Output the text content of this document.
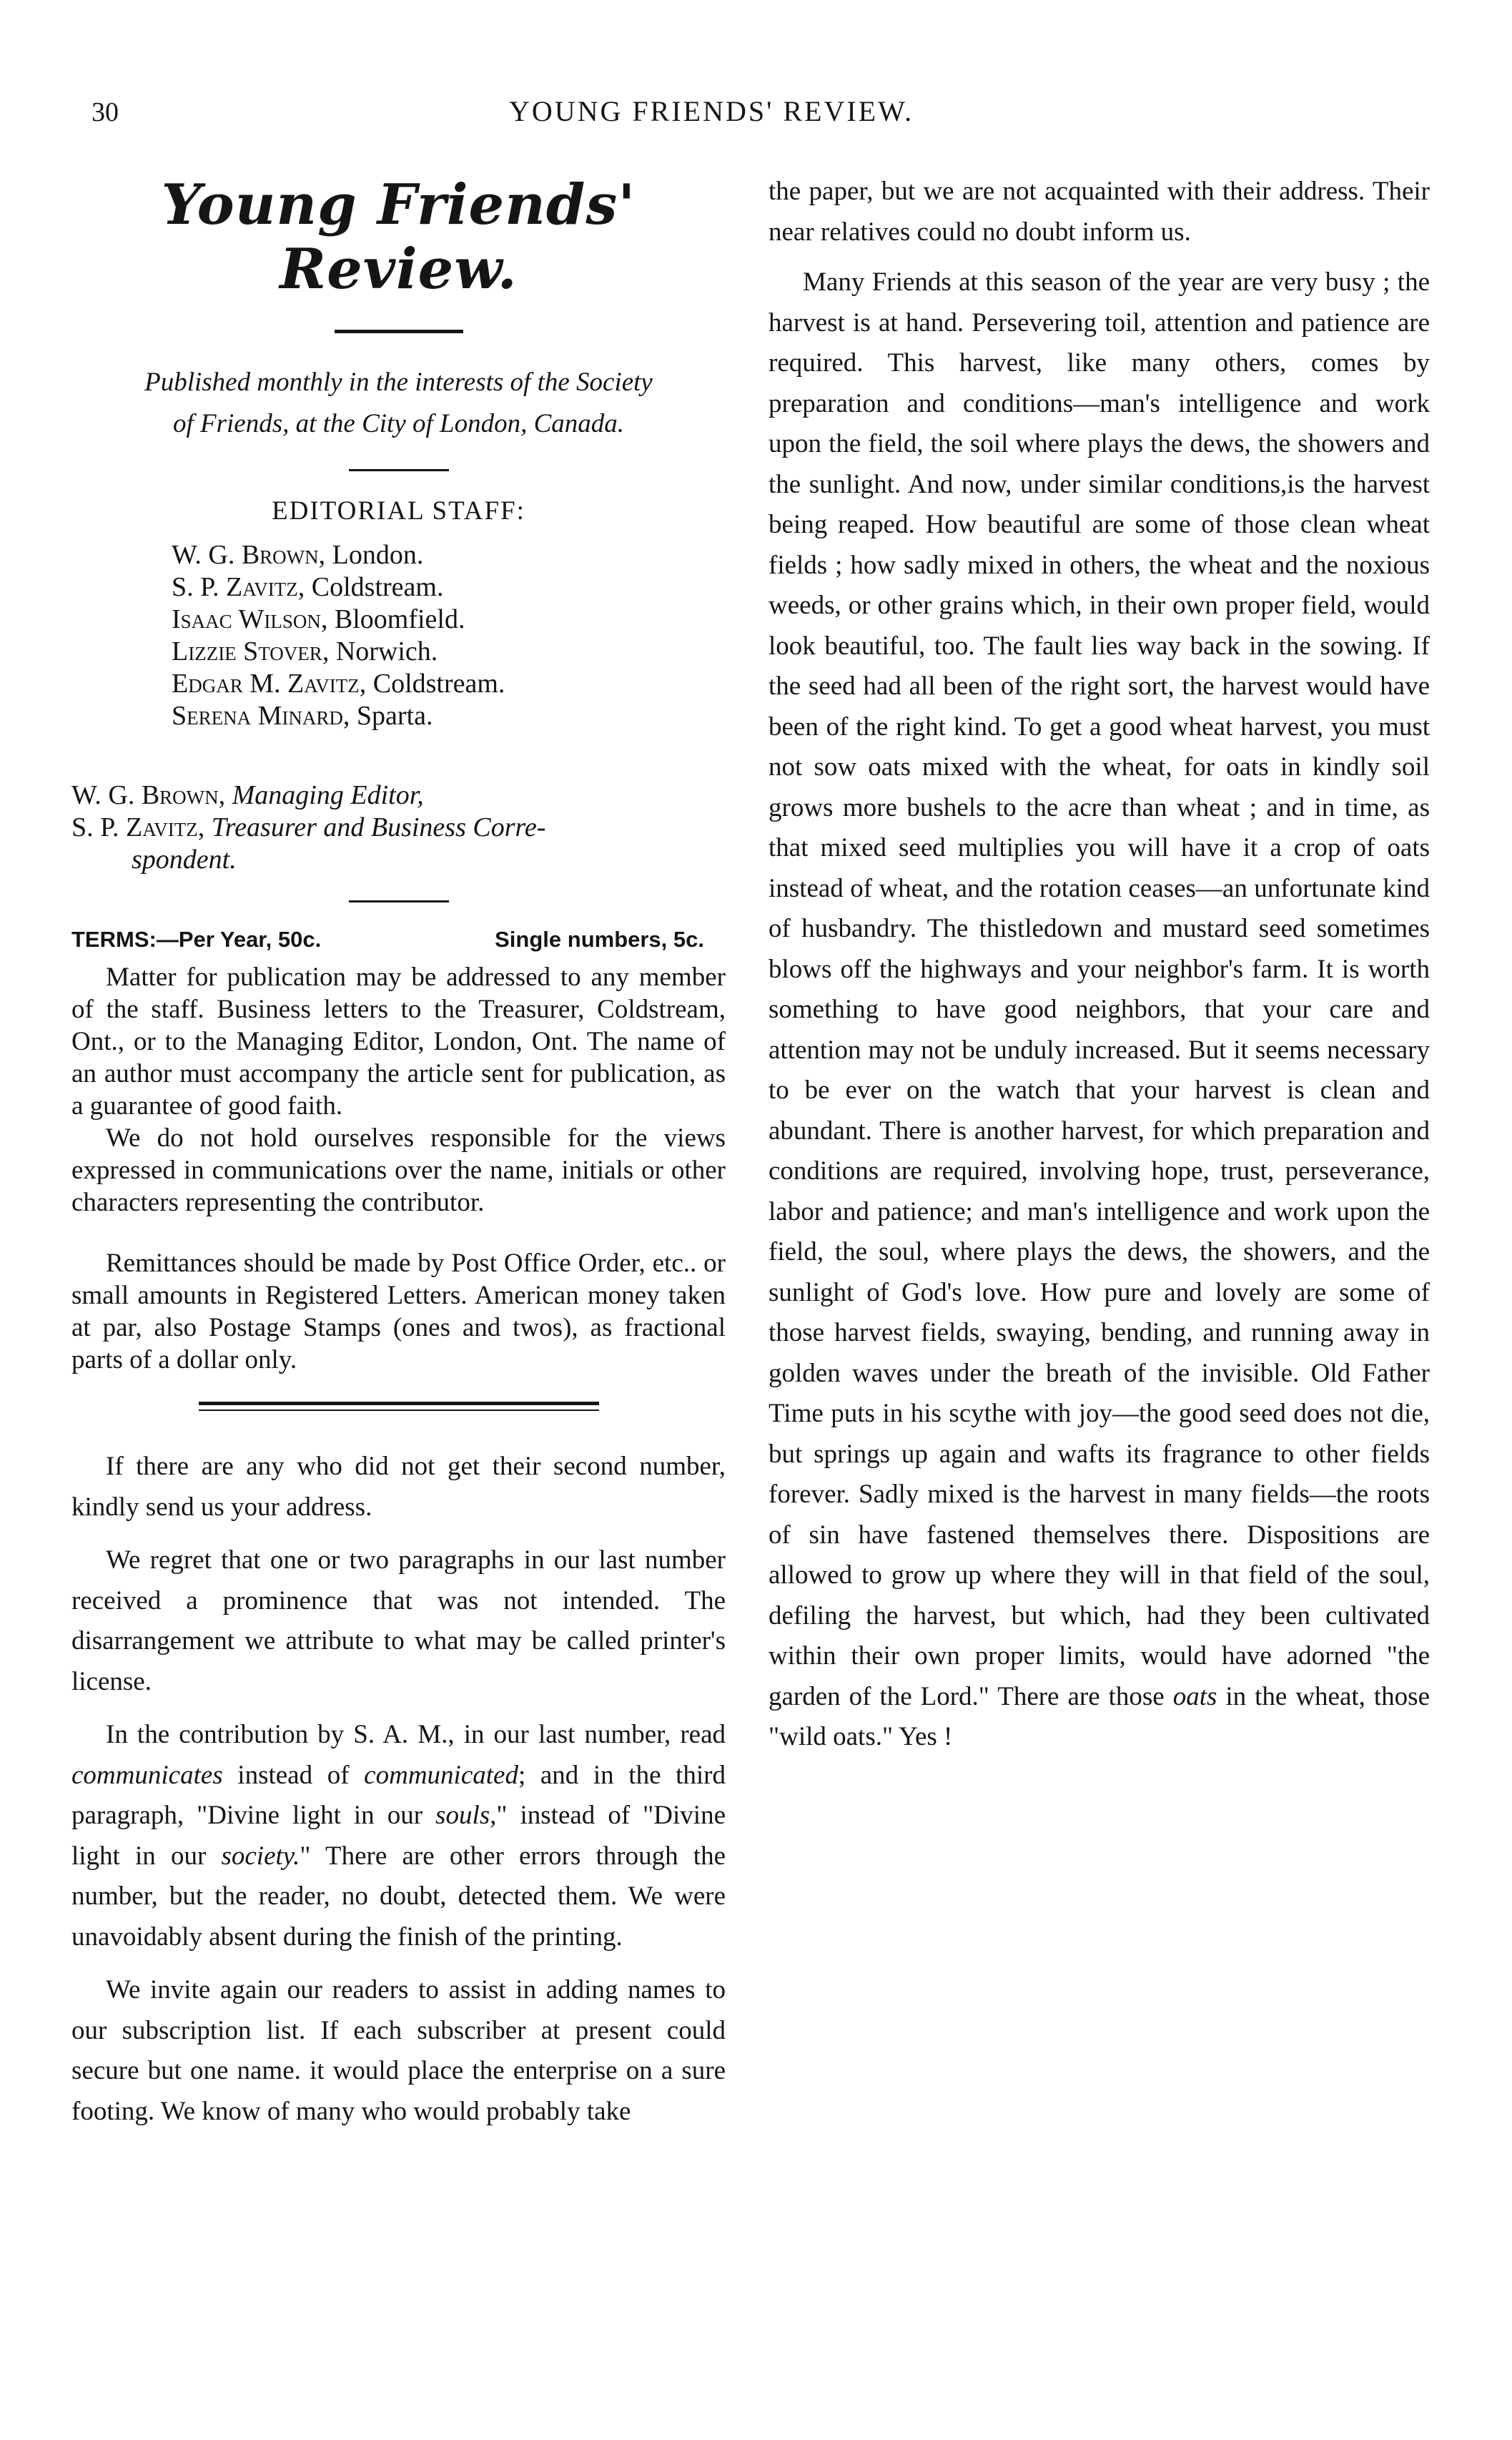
30	YOUNG FRIENDS' REVIEW.

Young Friends' Review.

Published monthly in the interests of the Society

of Friends, at the City of London, Canada.

EDITORIAL STAFF:

W. G. Brown, London.
S. P. Zavitz, Coldstream.
Isaac Wilson, Bloomfield.
Lizzie Stover, Norwich.
Edgar M. Zavitz, Coldstream.
Serena Minard, Sparta.
W. G. Brown, Managing Editor,
S. P. Zavitz, Treasurer and Business Corre-
spondent.

TERMS:—Per Year, 50c.	Single numbers, 5c.

Matter for publication may be addressed to any member of the staff. Business letters to the Treasurer, Coldstream, Ont., or to the Managing Editor, London, Ont. The name of an author must accompany the article sent for publication, as a guarantee of good faith.

We do not hold ourselves responsible for the views expressed in communications over the name, initials or other characters representing the contributor.

Remittances should be made by Post Office Order, etc.. or small amounts in Registered Letters. American money taken at par, also Postage Stamps (ones and twos), as fractional parts of a dollar only.

If there are any who did not get their second number, kindly send us your address.

We regret that one or two paragraphs in our last number received a prominence that was not intended. The disarrangement we attribute to what may be called printer's license.

In the contribution by S. A. M., in our last number, read communicates instead of communicated; and in the third paragraph, "Divine light in our souls," instead of "Divine light in our society." There are other errors through the number, but the reader, no doubt, detected them. We were unavoidably absent during the finish of the printing.

We invite again our readers to assist in adding names to our subscription list. If each subscriber at present could secure but one name. it would place the enterprise on a sure footing. We know of many who would probably take

the paper, but we are not acquainted with their address. Their near relatives could no doubt inform us.

Many Friends at this season of the year are very busy ; the harvest is at hand. Persevering toil, attention and patience are required. This harvest, like many others, comes by preparation and conditions—man's intelligence and work upon the field, the soil where plays the dews, the showers and the sunlight. And now, under similar conditions,is the harvest being reaped. How beautiful are some of those clean wheat fields ; how sadly mixed in others, the wheat and the noxious weeds, or other grains which, in their own proper field, would look beautiful, too. The fault lies way back in the sowing. If the seed had all been of the right sort, the harvest would have been of the right kind. To get a good wheat harvest, you must not sow oats mixed with the wheat, for oats in kindly soil grows more bushels to the acre than wheat ; and in time, as that mixed seed multiplies you will have it a crop of oats instead of wheat, and the rotation ceases—an unfortunate kind of husbandry. The thistledown and mustard seed sometimes blows off the highways and your neighbor's farm. It is worth something to have good neighbors, that your care and attention may not be unduly increased. But it seems necessary to be ever on the watch that your harvest is clean and abundant. There is another harvest, for which preparation and conditions are required, involving hope, trust, perseverance, labor and patience; and man's intelligence and work upon the field, the soul, where plays the dews, the showers, and the sunlight of God's love. How pure and lovely are some of those harvest fields, swaying, bending, and running away in golden waves under the breath of the invisible. Old Father Time puts in his scythe with joy—the good seed does not die, but springs up again and wafts its fragrance to other fields forever. Sadly mixed is the harvest in many fields—the roots of sin have fastened themselves there. Dispositions are allowed to grow up where they will in that field of the soul, defiling the harvest, but which, had they been cultivated within their own proper limits, would have adorned "the garden of the Lord." There are those oats in the wheat, those "wild oats." Yes !
